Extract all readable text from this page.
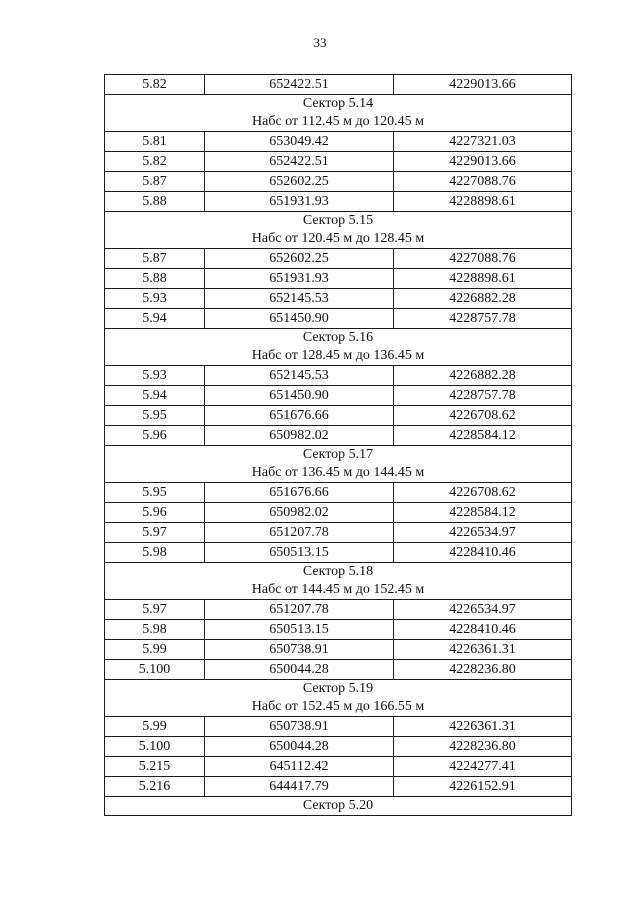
33
5.82	652422.51	4229013.66

Сектор 5.14
Набс от 112.45 м до 120.45 м		

5.81	653049.42	4227321.03
5.82	652422.51	4229013.66
5.87	652602.25	4227088.76
5.88	651931.93	4228898.61

Сектор 5.15
Набс от 120.45 м до 128.45 м		

5.87	652602.25	4227088.76
5.88	651931.93	4228898.61
5.93	652145.53	4226882.28
5.94	651450.90	4228757.78

Сектор 5.16
Набс от 128.45 м до 136.45 м		

5.93	652145.53	4226882.28
5.94	651450.90	4228757.78
5.95	651676.66	4226708.62
5.96	650982.02	4228584.12

Сектор 5.17
Набс от 136.45 м до 144.45 м		

5.95	651676.66	4226708.62
5.96	650982.02	4228584.12
5.97	651207.78	4226534.97
5.98	650513.15	4228410.46

Сектор 5.18
Набс от 144.45 м до 152.45 м		

5.97	651207.78	4226534.97
5.98	650513.15	4228410.46
5.99	650738.91	4226361.31
5.100	650044.28	4228236.80

Сектор 5.19
Набс от 152.45 м до 166.55 м		

5.99	650738.91	4226361.31
5.100	650044.28	4228236.80
5.215	645112.42	4224277.41
5.216	644417.79	4226152.91

Сектор 5.20		
